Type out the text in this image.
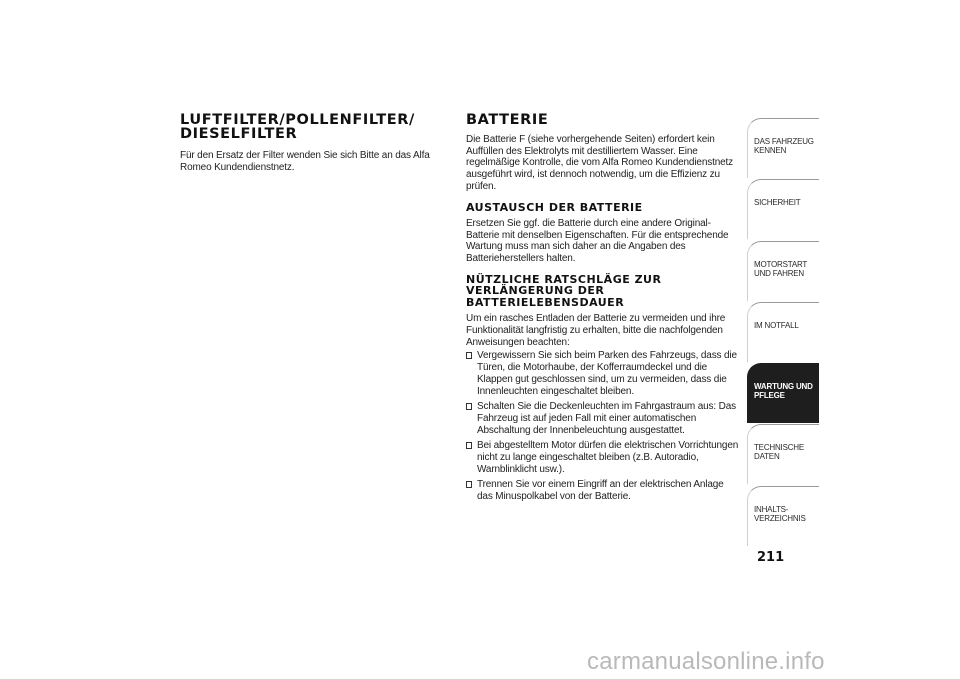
LUFTFILTER/POLLENFILTER/ DIESELFILTER

Für den Ersatz der Filter wenden Sie sich Bitte an das Alfa Romeo Kundendienstnetz.

BATTERIE

Die Batterie F (siehe vorhergehende Seiten) erfordert kein Auffüllen des Elektrolyts mit destilliertem Wasser. Eine regelmäßige Kontrolle, die vom Alfa Romeo Kundendienstnetz ausgeführt wird, ist dennoch notwendig, um die Effizienz zu prüfen.

AUSTAUSCH DER BATTERIE

Ersetzen Sie ggf. die Batterie durch eine andere Original-Batterie mit denselben Eigenschaften. Für die entsprechende Wartung muss man sich daher an die Angaben des Batterieherstellers halten.

NÜTZLICHE RATSCHLÄGE ZUR VERLÄNGERUNG DER BATTERIELEBENSDAUER

Um ein rasches Entladen der Batterie zu vermeiden und ihre Funktionalität langfristig zu erhalten, bitte die nachfolgenden Anweisungen beachten:

Vergewissern Sie sich beim Parken des Fahrzeugs, dass die Türen, die Motorhaube, der Kofferraumdeckel und die Klappen gut geschlossen sind, um zu vermeiden, dass die Innenleuchten eingeschaltet bleiben.
Schalten Sie die Deckenleuchten im Fahrgastraum aus: Das Fahrzeug ist auf jeden Fall mit einer automatischen Abschaltung der Innenbeleuchtung ausgestattet.
Bei abgestelltem Motor dürfen die elektrischen Vorrichtungen nicht zu lange eingeschaltet bleiben (z.B. Autoradio, Warnblinklicht usw.).
Trennen Sie vor einem Eingriff an der elektrischen Anlage das Minuspolkabel von der Batterie.
DAS FAHRZEUG KENNEN
SICHERHEIT
MOTORSTART UND FAHREN
IM NOTFALL
WARTUNG UND PFLEGE
TECHNISCHE DATEN
INHALTS- VERZEICHNIS
211
carmanualsonline.info
